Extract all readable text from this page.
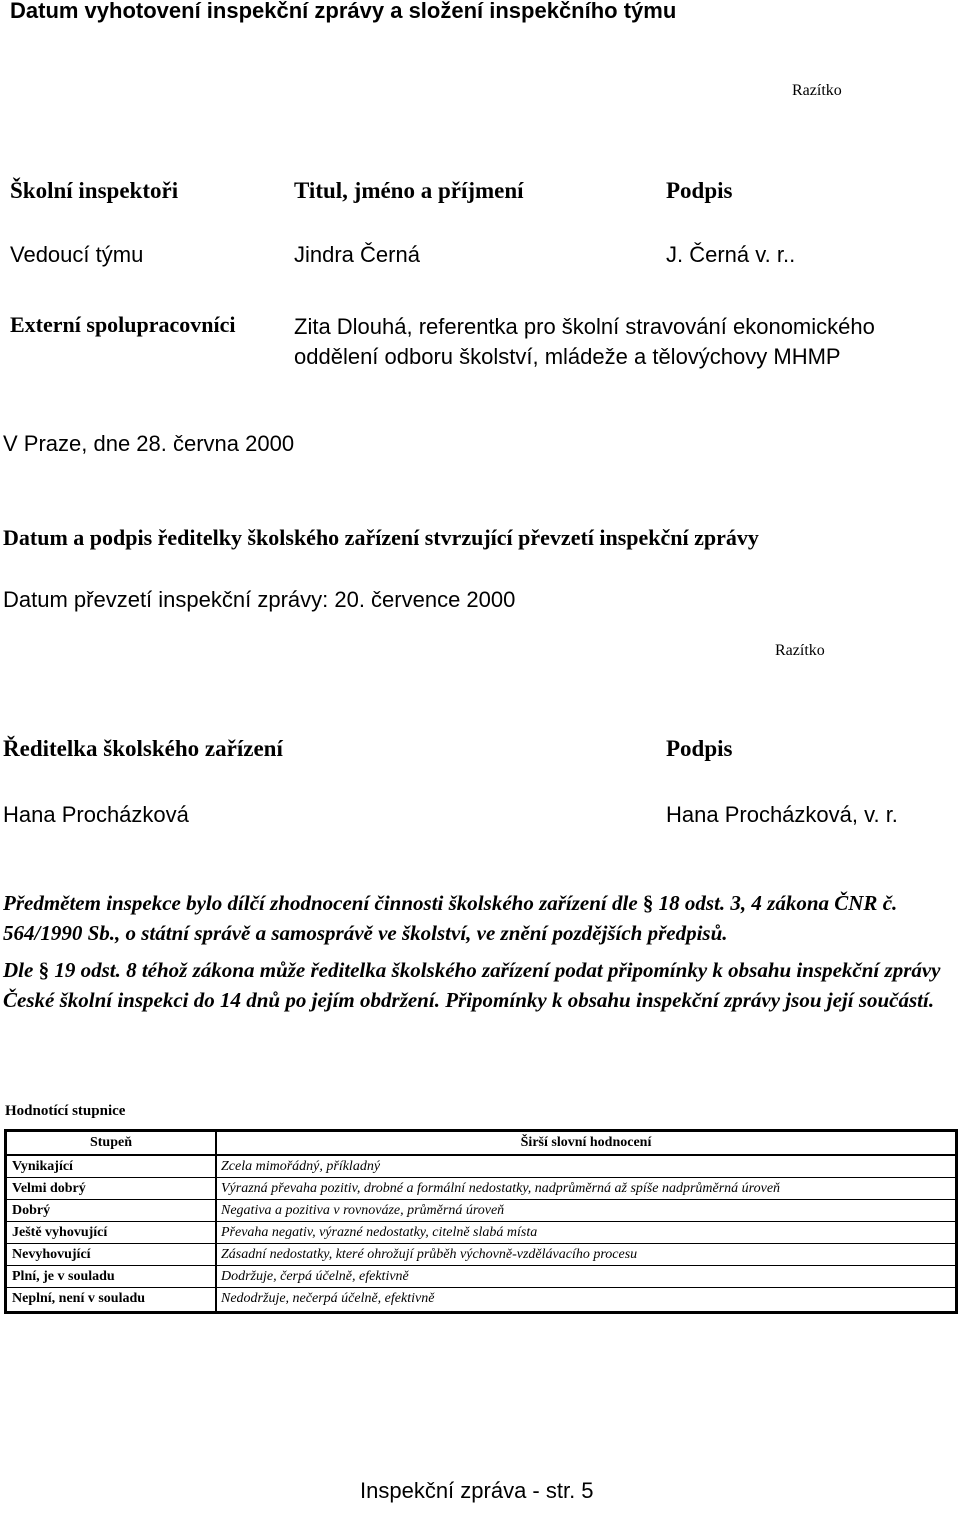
Datum vyhotovení inspekční zprávy a složení inspekčního týmu
Razítko
Školní inspektoři	Titul, jméno a příjmení	Podpis
Vedoucí týmu	Jindra Černá	J. Černá v. r..
Externí spolupracovníci	Zita Dlouhá, referentka pro školní stravování ekonomického oddělení odboru školství, mládeže a tělovýchovy MHMP
V Praze, dne 28. června 2000
Datum a podpis ředitelky školského zařízení stvrzující převzetí inspekční zprávy
Datum převzetí inspekční zprávy: 20. července 2000
Razítko
Ředitelka školského zařízení	Podpis
Hana Procházková	Hana Procházková, v. r.

Předmětem inspekce bylo dílčí zhodnocení činnosti školského zařízení dle § 18 odst. 3, 4 zákona ČNR č. 564/1990 Sb., o státní správě a samosprávě ve školství, ve znění pozdějších předpisů.

Dle § 19 odst. 8 téhož zákona může ředitelka školského zařízení podat připomínky k obsahu inspekční zprávy České školní inspekci do 14 dnů po jejím obdržení. Připomínky k obsahu inspekční zprávy jsou její součástí.

Hodnotící stupnice
Stupeň	Širší slovní hodnocení
Vynikající	Zcela mimořádný, příkladný
Velmi dobrý	Výrazná převaha pozitiv, drobné a formální nedostatky, nadprůměrná až spíše nadprůměrná úroveň
Dobrý	Negativa a pozitiva v rovnováze, průměrná úroveň
Ještě vyhovující	Převaha negativ, výrazné nedostatky, citelně slabá místa
Nevyhovující	Zásadní nedostatky, které ohrožují průběh výchovně-vzdělávacího procesu
Plní, je v souladu	Dodržuje, čerpá účelně, efektivně
Neplní, není v souladu	Nedodržuje, nečerpá účelně, efektivně
Inspekční zpráva - str. 5
